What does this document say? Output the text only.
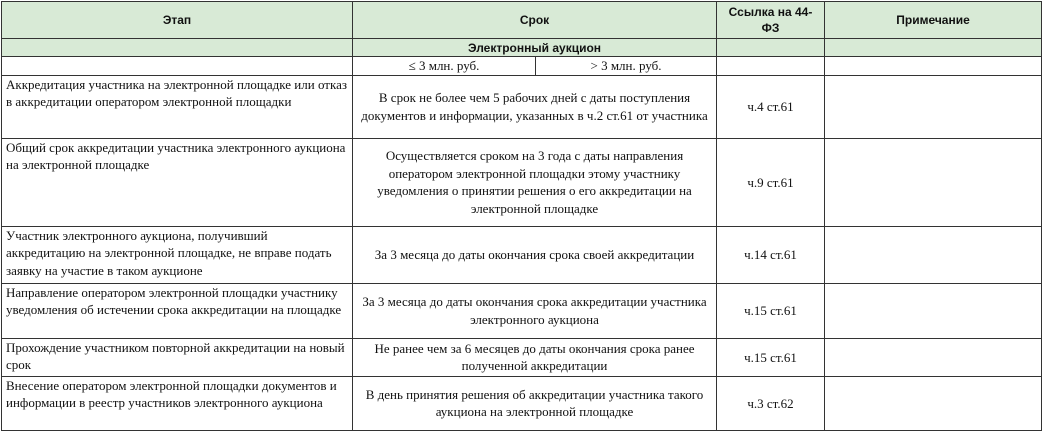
Этап	Срок		Ссылка на 44-ФЗ	Примечание
	Электронный аукцион			
	≤ 3 млн. руб.	> 3 млн. руб.		
Аккредитация участника на электронной площадке или отказ в аккредитации оператором электронной площадки	В срок не более чем 5 рабочих дней с даты поступления документов и информации, указанных в ч.2 ст.61 от участника		ч.4 ст.61	
Общий срок аккредитации участника электронного аукциона на электронной площадке	Осуществляется сроком на 3 года с даты направления оператором электронной площадки этому участнику уведомления о принятии решения о его аккредитации на электронной площадке		ч.9 ст.61	
Участник электронного аукциона, получивший аккредитацию на электронной площадке, не вправе подать заявку на участие в таком аукционе	За 3 месяца до даты окончания срока своей аккредитации		ч.14 ст.61	
Направление оператором электронной площадки участнику уведомления об истечении срока аккредитации на площадке	За 3 месяца до даты окончания срока аккредитации участника электронного аукциона		ч.15 ст.61	
Прохождение участником повторной аккредитации на новый срок	Не ранее чем за 6 месяцев до даты окончания срока ранее полученной аккредитации		ч.15 ст.61	
Внесение оператором электронной площадки документов и информации в реестр участников электронного аукциона	В день принятия решения об аккредитации участника такого аукциона на электронной площадке		ч.3 ст.62	
